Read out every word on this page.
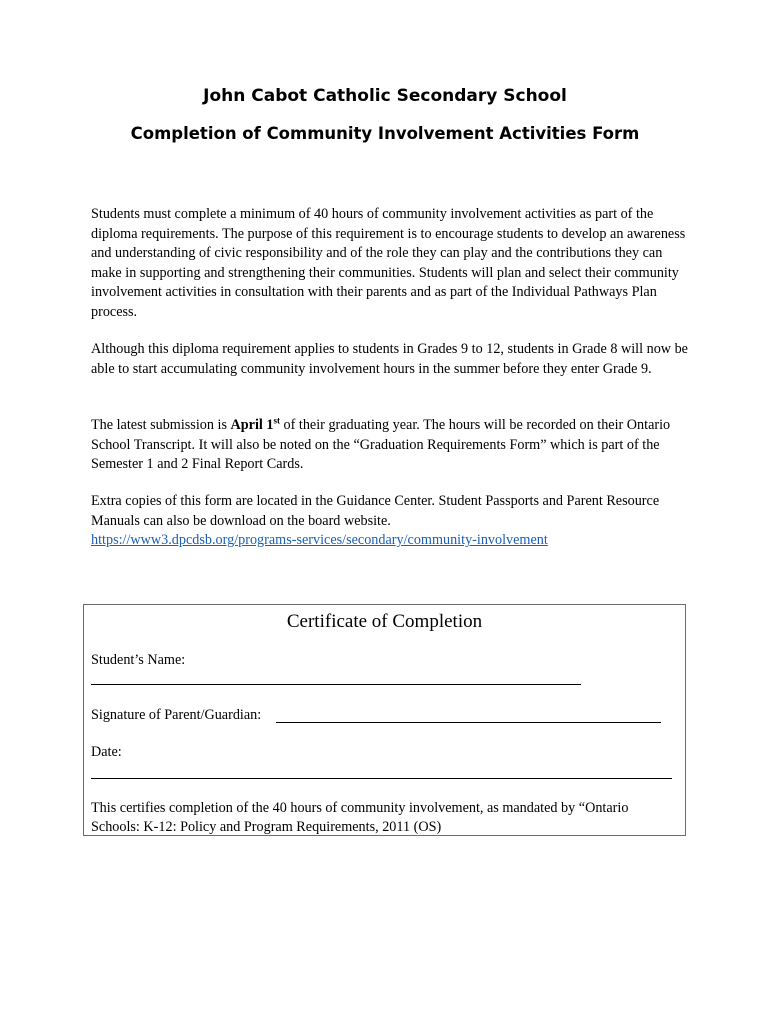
John Cabot Catholic Secondary School
Completion of Community Involvement Activities Form

Students must complete a minimum of 40 hours of community involvement activities as part of the diploma requirements. The purpose of this requirement is to encourage students to develop an awareness and understanding of civic responsibility and of the role they can play and the contributions they can make in supporting and strengthening their communities. Students will plan and select their community involvement activities in consultation with their parents and as part of the Individual Pathways Plan process.

Although this diploma requirement applies to students in Grades 9 to 12, students in Grade 8 will now be able to start accumulating community involvement hours in the summer before they enter Grade 9.

The latest submission is April 1st of their graduating year. The hours will be recorded on their Ontario School Transcript. It will also be noted on the “Graduation Requirements Form” which is part of the Semester 1 and 2 Final Report Cards.

Extra copies of this form are located in the Guidance Center. Student Passports and Parent Resource Manuals can also be download on the board website.
https://www3.dpcdsb.org/programs-services/secondary/community-involvement

Certificate of Completion
Student’s Name:
Signature of Parent/Guardian:
Date:
This certifies completion of the 40 hours of community involvement, as mandated by “Ontario Schools: K-12: Policy and Program Requirements, 2011 (OS)
